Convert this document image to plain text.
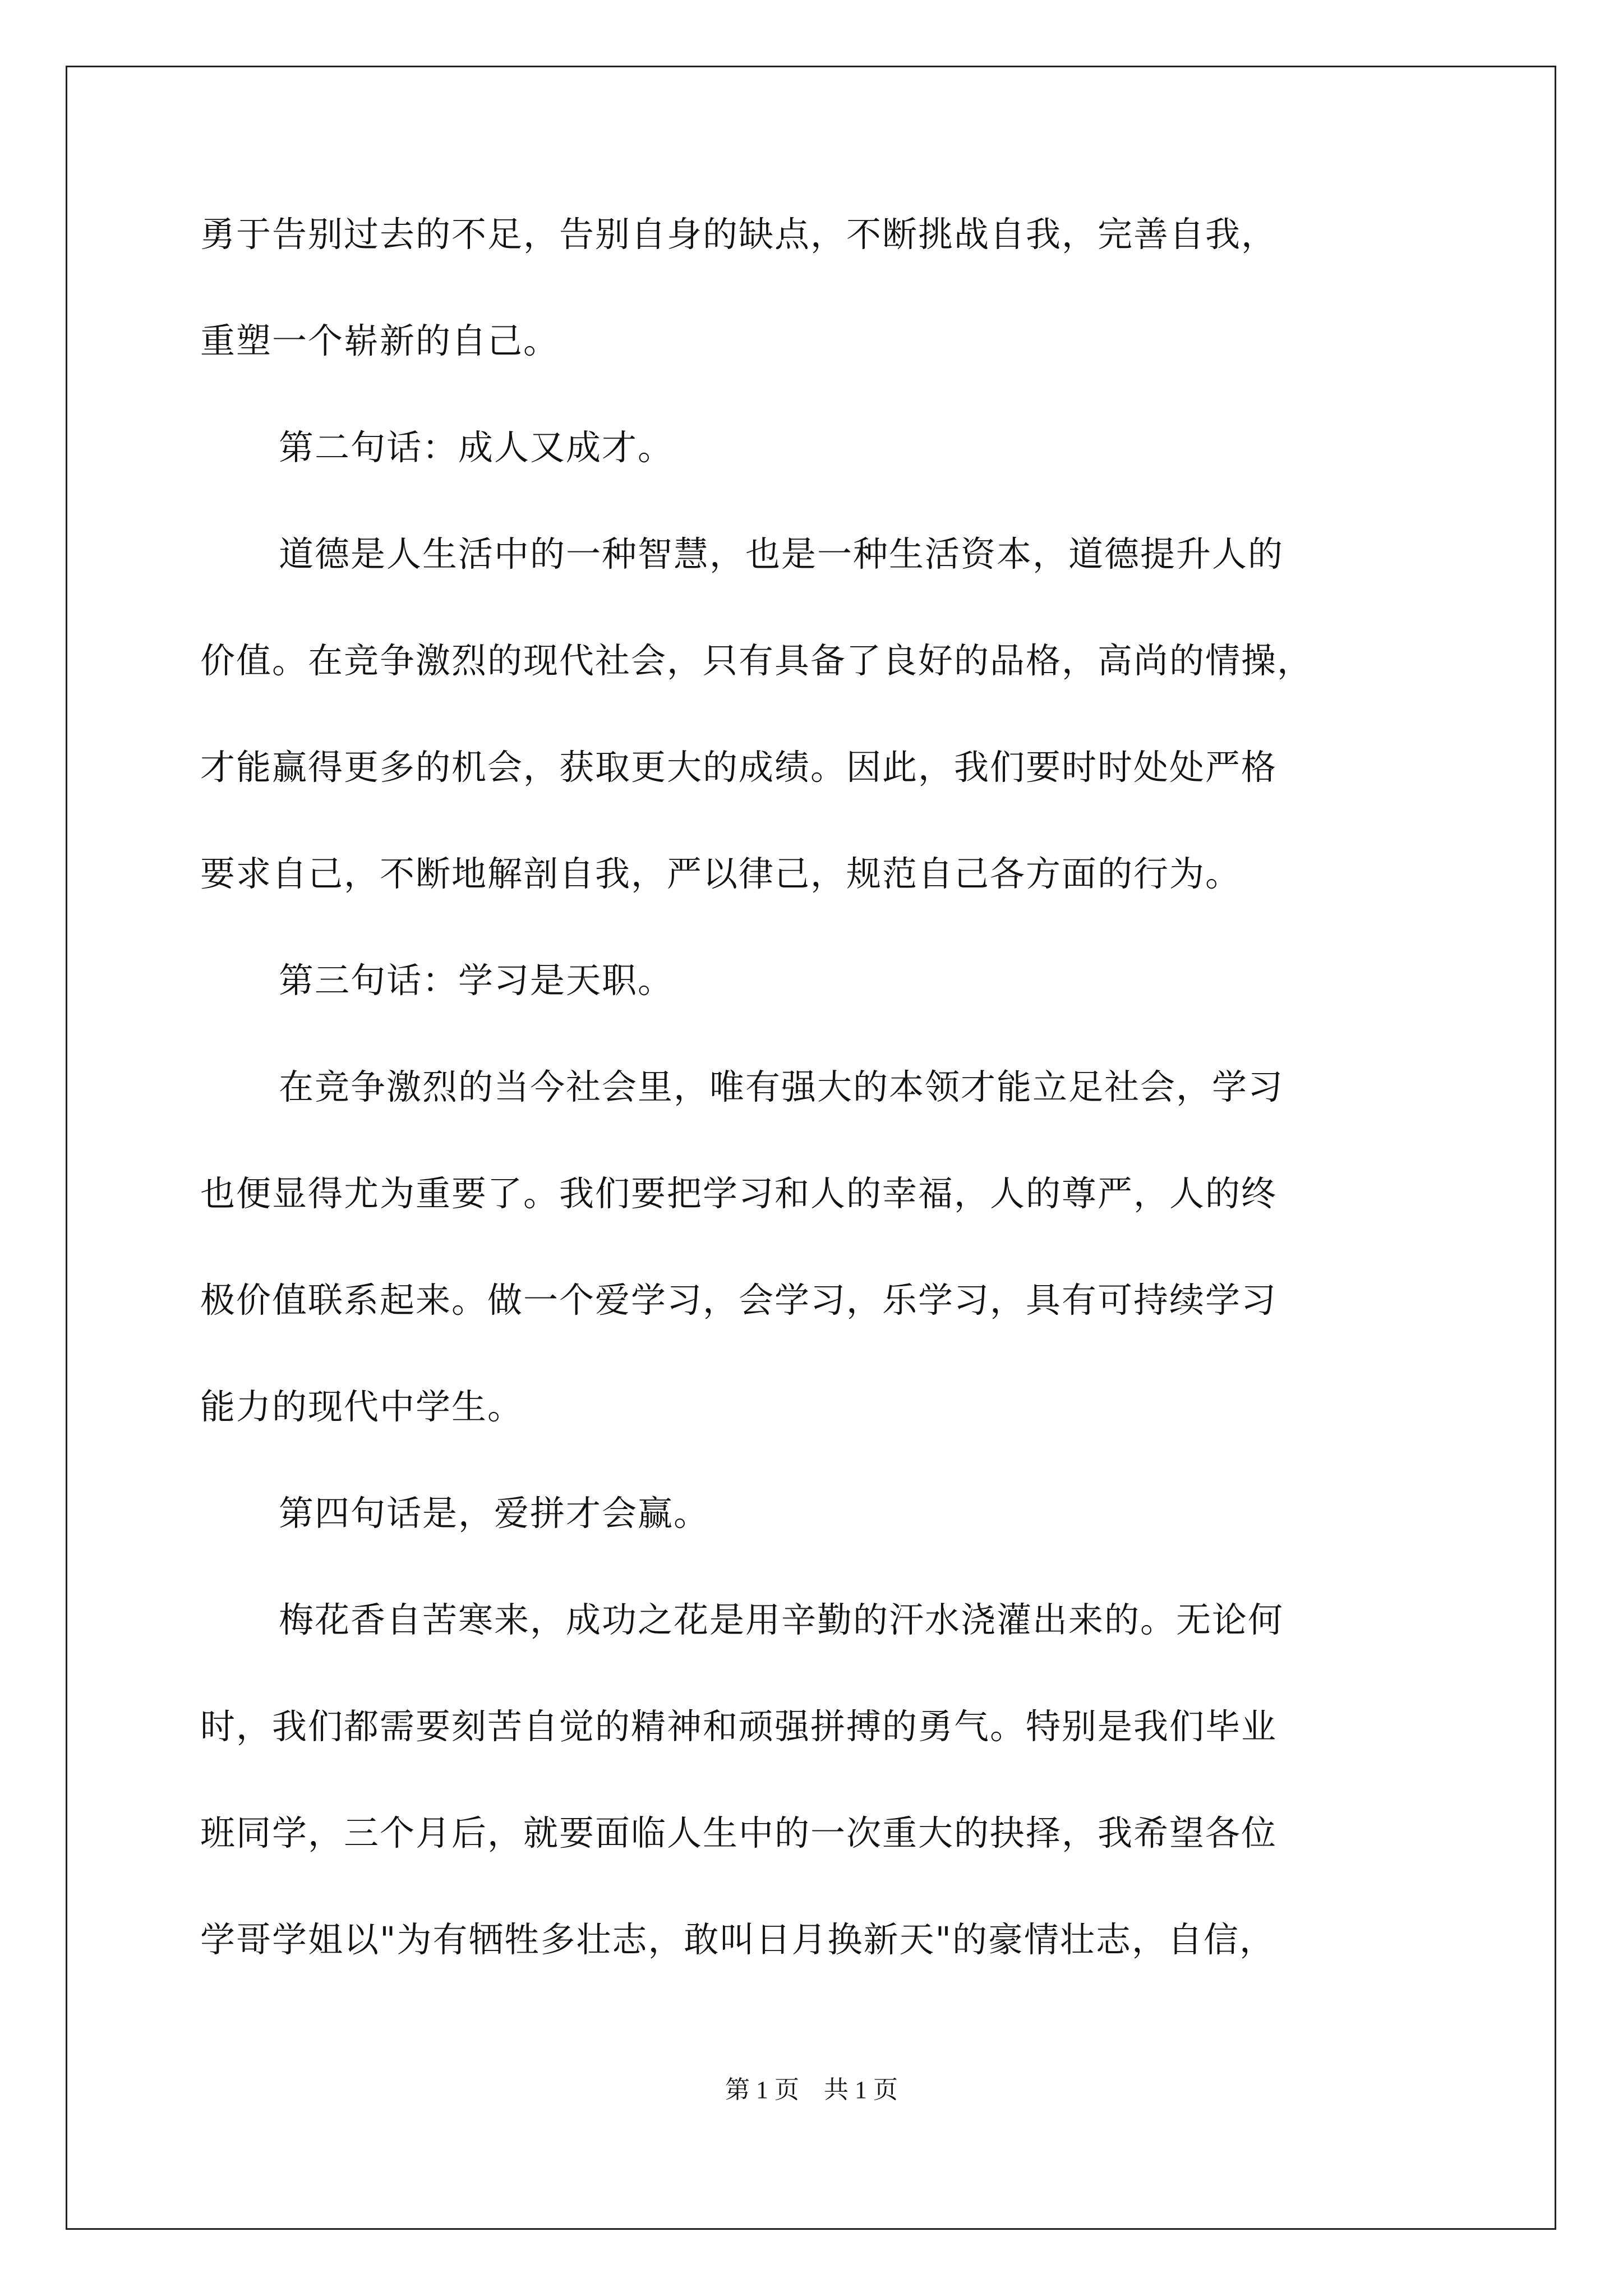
勇于告别过去的不足，告别自身的缺点，不断挑战自我，完善自我，
重塑一个崭新的自己。
第二句话：成人又成才。
道德是人生活中的一种智慧，也是一种生活资本，道德提升人的
价值。在竞争激烈的现代社会，只有具备了良好的品格，高尚的情操，
才能赢得更多的机会，获取更大的成绩。因此，我们要时时处处严格
要求自己，不断地解剖自我，严以律己，规范自己各方面的行为。
第三句话：学习是天职。
在竞争激烈的当今社会里，唯有强大的本领才能立足社会，学习
也便显得尤为重要了。我们要把学习和人的幸福，人的尊严，人的终
极价值联系起来。做一个爱学习，会学习，乐学习，具有可持续学习
能力的现代中学生。
第四句话是，爱拼才会赢。
梅花香自苦寒来，成功之花是用辛勤的汗水浇灌出来的。无论何
时，我们都需要刻苦自觉的精神和顽强拼搏的勇气。特别是我们毕业
班同学，三个月后，就要面临人生中的一次重大的抉择，我希望各位
学哥学姐以"为有牺牲多壮志，敢叫日月换新天"的豪情壮志，自信，
第 1 页　共 1 页
